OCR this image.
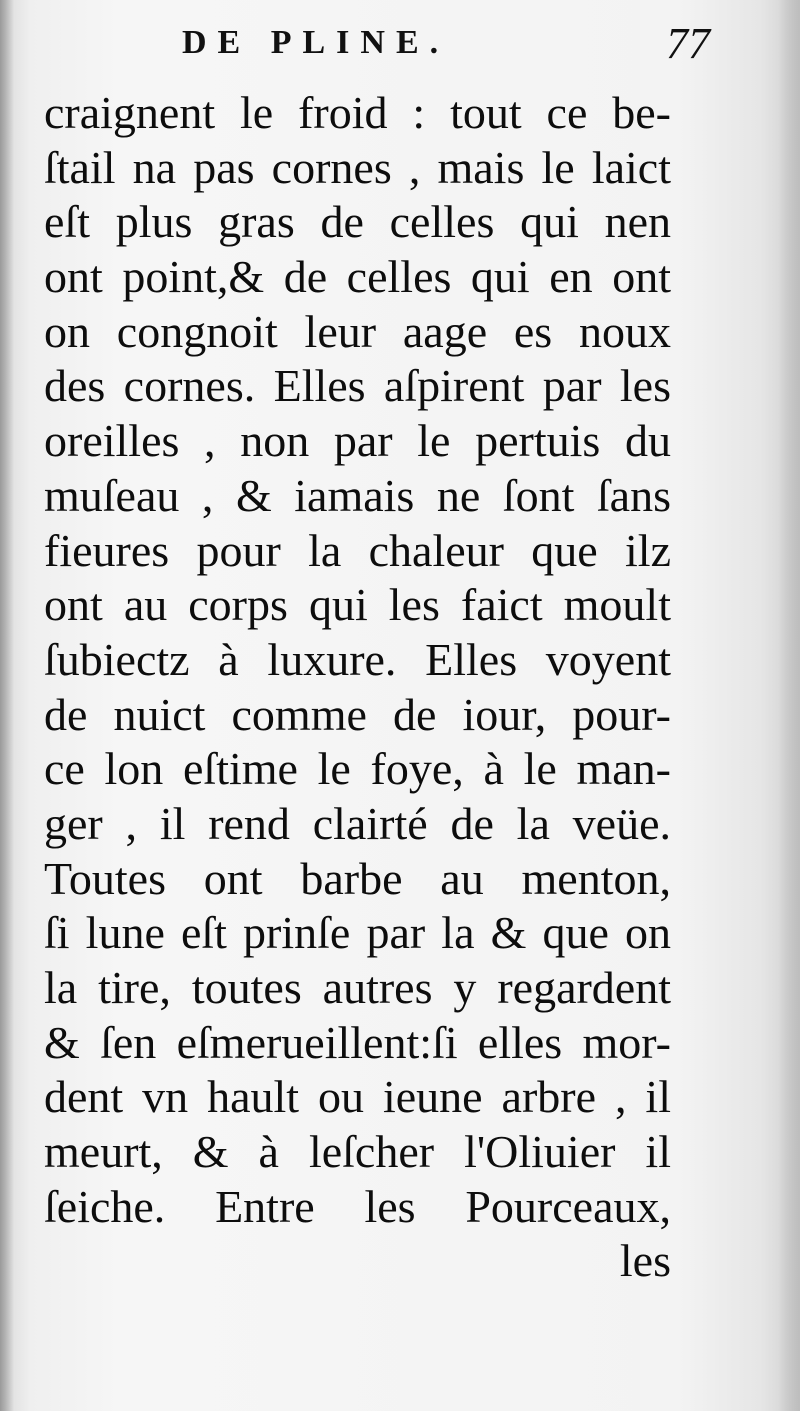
DE PLINE.	77
craignent le froid : tout ce be-
ſtail na pas cornes , mais le laict
eſt plus gras de celles qui nen
ont point,& de celles qui en ont
on congnoit leur aage es noux
des cornes. Elles aſpirent par les
oreilles , non par le pertuis du
muſeau , & iamais ne ſont ſans
fieures pour la chaleur que ilz
ont au corps qui les faict moult
ſubiectz à luxure. Elles voyent
de nuict comme de iour, pour-
ce lon eſtime le foye, à le man-
ger , il rend clairté de la veüe.
Toutes ont barbe au menton,
ſi lune eſt prinſe par la & que on
la tire, toutes autres y regardent
& ſen eſmerueillent:ſi elles mor-
dent vn hault ou ieune arbre , il
meurt, & à leſcher l'Oliuier il
ſeiche. Entre les Pourceaux,
les
